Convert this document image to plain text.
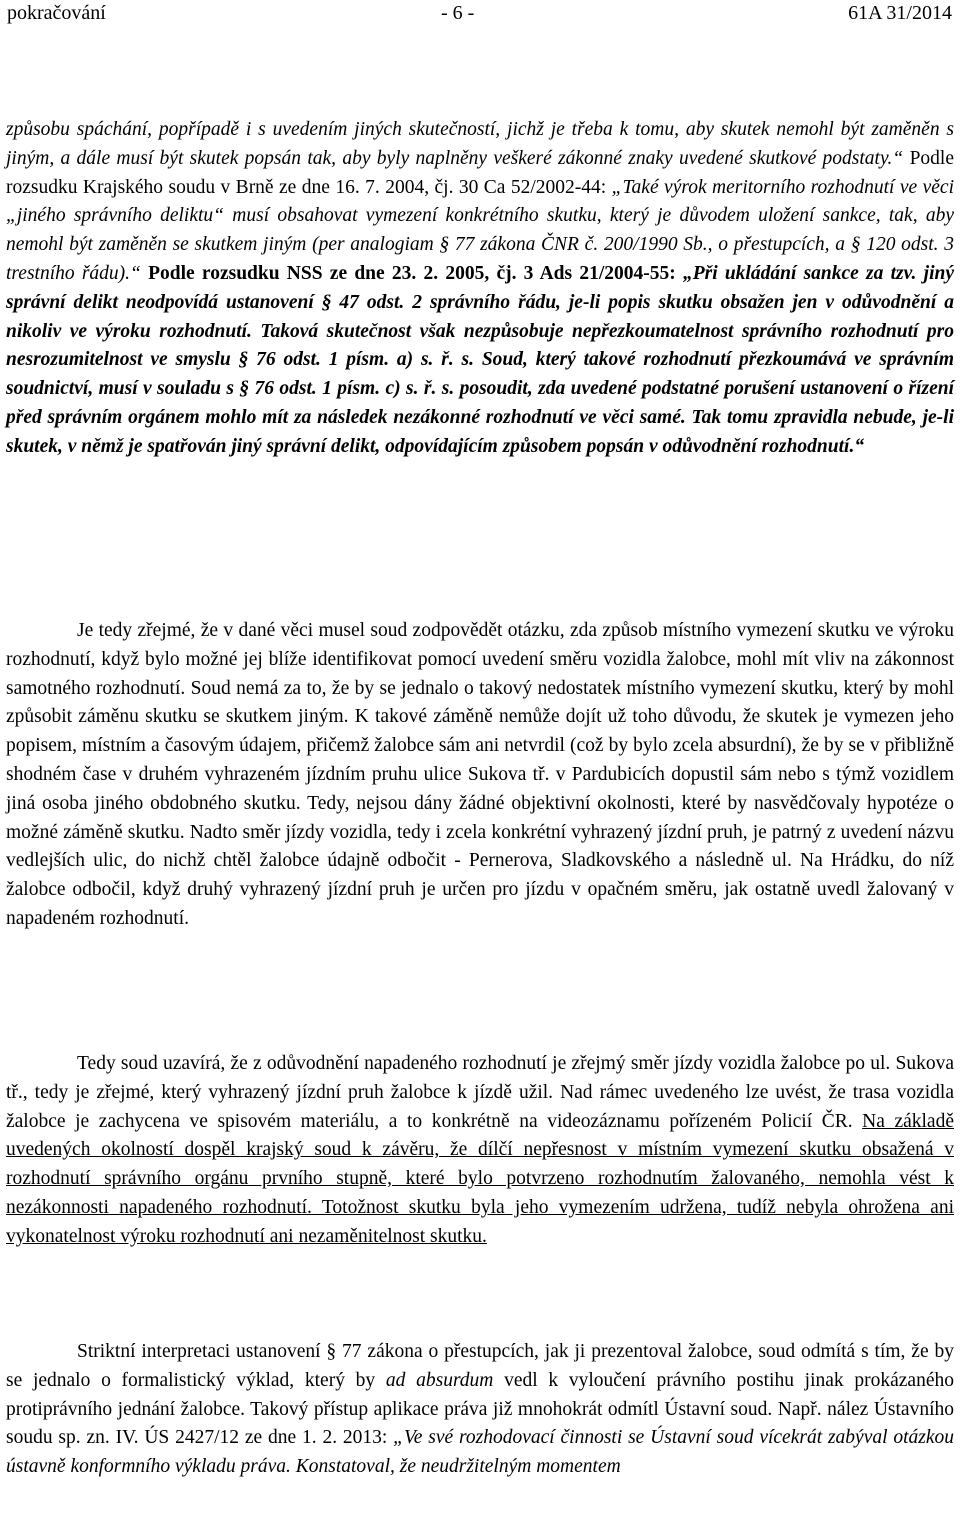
pokračování	- 6 -	61A 31/2014

způsobu spáchání, popřípadě i s uvedením jiných skutečností, jichž je třeba k tomu, aby skutek nemohl být zaměněn s jiným, a dále musí být skutek popsán tak, aby byly naplněny veškeré zákonné znaky uvedené skutkové podstaty.“ Podle rozsudku Krajského soudu v Brně ze dne 16. 7. 2004, čj. 30 Ca 52/2002-44: „Také výrok meritorního rozhodnutí ve věci „jiného správního deliktu“ musí obsahovat vymezení konkrétního skutku, který je důvodem uložení sankce, tak, aby nemohl být zaměněn se skutkem jiným (per analogiam § 77 zákona ČNR č. 200/1990 Sb., o přestupcích, a § 120 odst. 3 trestního řádu).“ Podle rozsudku NSS ze dne 23. 2. 2005, čj. 3 Ads 21/2004-55: „Při ukládání sankce za tzv. jiný správní delikt neodpovídá ustanovení § 47 odst. 2 správního řádu, je-li popis skutku obsažen jen v odůvodnění a nikoliv ve výroku rozhodnutí. Taková skutečnost však nezpůsobuje nepřezkoumatelnost správního rozhodnutí pro nesrozumitelnost ve smyslu § 76 odst. 1 písm. a) s. ř. s. Soud, který takové rozhodnutí přezkoumává ve správním soudnictví, musí v souladu s § 76 odst. 1 písm. c) s. ř. s. posoudit, zda uvedené podstatné porušení ustanovení o řízení před správním orgánem mohlo mít za následek nezákonné rozhodnutí ve věci samé. Tak tomu zpravidla nebude, je-li skutek, v němž je spatřován jiný správní delikt, odpovídajícím způsobem popsán v odůvodnění rozhodnutí.“

Je tedy zřejmé, že v dané věci musel soud zodpovědět otázku, zda způsob místního vymezení skutku ve výroku rozhodnutí, když bylo možné jej blíže identifikovat pomocí uvedení směru vozidla žalobce, mohl mít vliv na zákonnost samotného rozhodnutí. Soud nemá za to, že by se jednalo o takový nedostatek místního vymezení skutku, který by mohl způsobit záměnu skutku se skutkem jiným. K takové záměně nemůže dojít už toho důvodu, že skutek je vymezen jeho popisem, místním a časovým údajem, přičemž žalobce sám ani netvrdil (což by bylo zcela absurdní), že by se v přibližně shodném čase v druhém vyhrazeném jízdním pruhu ulice Sukova tř. v Pardubicích dopustil sám nebo s týmž vozidlem jiná osoba jiného obdobného skutku. Tedy, nejsou dány žádné objektivní okolnosti, které by nasvědčovaly hypotéze o možné záměně skutku. Nadto směr jízdy vozidla, tedy i zcela konkrétní vyhrazený jízdní pruh, je patrný z uvedení názvu vedlejších ulic, do nichž chtěl žalobce údajně odbočit - Pernerova, Sladkovského a následně ul. Na Hrádku, do níž žalobce odbočil, když druhý vyhrazený jízdní pruh je určen pro jízdu v opačném směru, jak ostatně uvedl žalovaný v napadeném rozhodnutí.

Tedy soud uzavírá, že z odůvodnění napadeného rozhodnutí je zřejmý směr jízdy vozidla žalobce po ul. Sukova tř., tedy je zřejmé, který vyhrazený jízdní pruh žalobce k jízdě užil. Nad rámec uvedeného lze uvést, že trasa vozidla žalobce je zachycena ve spisovém materiálu, a to konkrétně na videozáznamu pořízeném Policií ČR. Na základě uvedených okolností dospěl krajský soud k závěru, že dílčí nepřesnost v místním vymezení skutku obsažená v rozhodnutí správního orgánu prvního stupně, které bylo potvrzeno rozhodnutím žalovaného, nemohla vést k nezákonnosti napadeného rozhodnutí. Totožnost skutku byla jeho vymezením udržena, tudíž nebyla ohrožena ani vykonatelnost výroku rozhodnutí ani nezaměnitelnost skutku.

Striktní interpretaci ustanovení § 77 zákona o přestupcích, jak ji prezentoval žalobce, soud odmítá s tím, že by se jednalo o formalistický výklad, který by ad absurdum vedl k vyloučení právního postihu jinak prokázaného protiprávního jednání žalobce. Takový přístup aplikace práva již mnohokrát odmítl Ústavní soud. Např. nález Ústavního soudu sp. zn. IV. ÚS 2427/12 ze dne 1. 2. 2013: „Ve své rozhodovací činnosti se Ústavní soud vícekrát zabýval otázkou ústavně konformního výkladu práva. Konstatoval, že neudržitelným momentem
